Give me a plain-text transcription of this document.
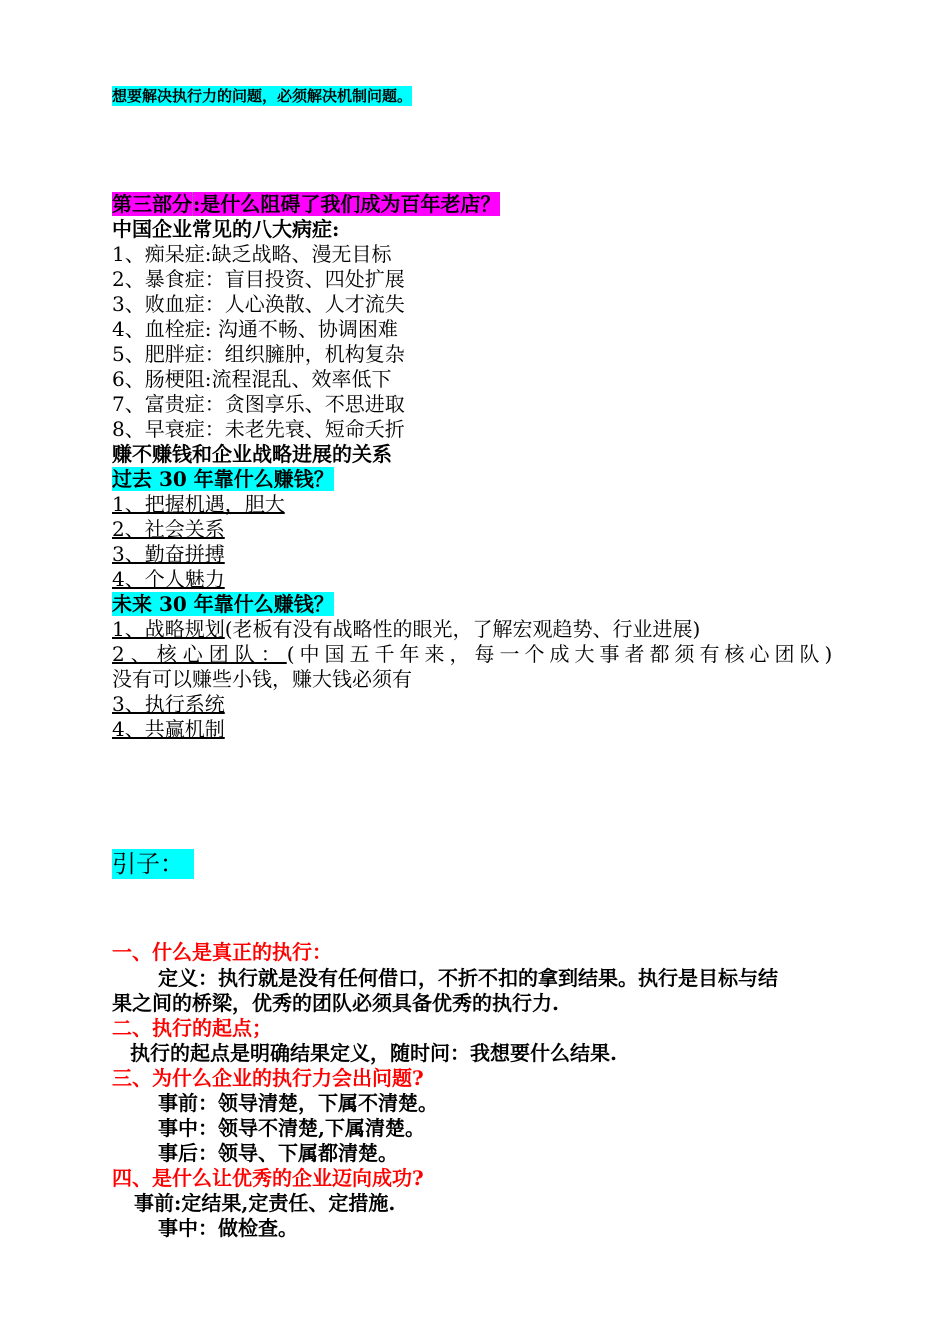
想要解决执行力的问题，必须解决机制问题。
第三部分:是什么阻碍了我们成为百年老店？
中国企业常见的八大病症:
1、痴呆症:缺乏战略、漫无目标
2、暴食症：盲目投资、四处扩展
3、败血症：人心涣散、人才流失
4、血栓症: 沟通不畅、协调困难
5、肥胖症：组织臃肿，机构复杂
6、肠梗阻:流程混乱、效率低下
7、富贵症：贪图享乐、不思进取
8、早衰症：未老先衰、短命夭折
赚不赚钱和企业战略进展的关系
过去 30 年靠什么赚钱？
1、把握机遇，胆大
2、社会关系
3、勤奋拼搏
4、个人魅力
未来 30 年靠什么赚钱？
1、战略规划(老板有没有战略性的眼光，了解宏观趋势、行业进展)
2、核心团队： (中国五千年来，每一个成大事者都须有核心团队)
没有可以赚些小钱，赚大钱必须有
3、执行系统
4、共赢机制
引子：
一、什么是真正的执行：
定义：执行就是没有任何借口，不折不扣的拿到结果。执行是目标与结
果之间的桥梁，优秀的团队必须具备优秀的执行力.
二、执行的起点；
执行的起点是明确结果定义，随时问：我想要什么结果.
三、为什么企业的执行力会出问题?
事前：领导清楚，下属不清楚。
事中：领导不清楚,下属清楚。
事后：领导、下属都清楚。
四、是什么让优秀的企业迈向成功?
事前:定结果,定责任、定措施.
事中：做检查。
